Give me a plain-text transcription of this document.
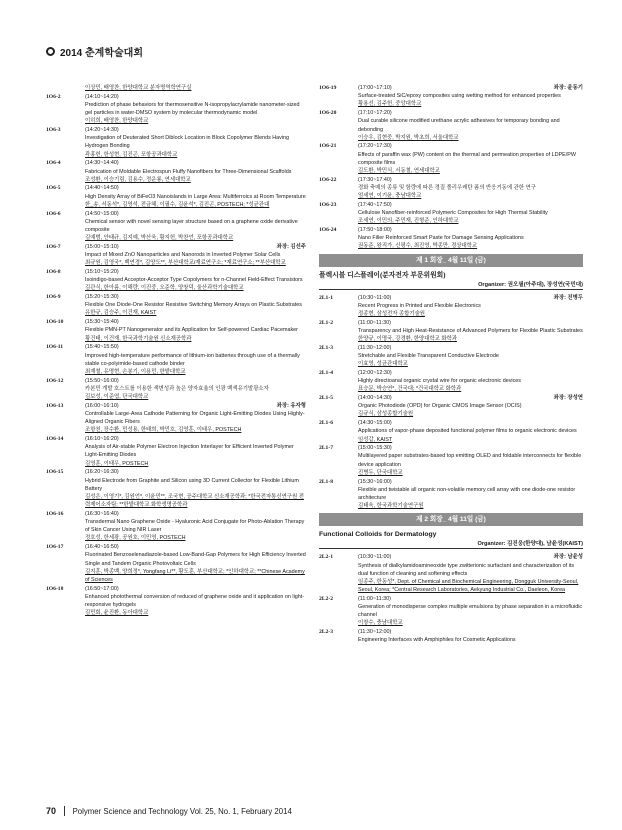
2014 춘계학술대회
이상민, 배영찬, 한양대학교 분자명역학연구실
1O6-2	(14:10~14:20)
Prediction of phase behaviors for thermosensitive N-isopropylacrylamide nanometer-sized gel particles in water-DMSO system by molecular thermodynamic model
이히희, 배영찬, 한양대학교
1O6-3	(14:20~14:30)
Investigation of Deuterated Short Diblock Location in Block Copolymer Blends Having Hydrogen Bonding
곽홍헌, 한성현, 김진곤, 포항공과대학교
1O6-4	(14:30~14:40)
Fabrication of Moldable Electrospun Fluffy Nanofibers for Three-Dimensional Scaffolds
조성환, 이승기림, 김용수, 정운룡, 연세대학교
1O6-5	(14:40~14:50)
High Density Array of BiFeO3 Nanoislands in Large Area: Multiferroics at Room Temperature
한_송, 서동석*, 김영석, 전금혜, 이필수, 김윤석*, 김진곤, POSTECH; *성균관대
1O6-6	(14:50~15:00)
Chemical sensor with novel sensing layer structure based on a graphene oxide derivative composite
김예범, 안태규, 김지예, 박산욱, 황지헌, 박찬언, 포항공과대학교
1O6-7	(15:00~15:10)	좌장: 김선주
Impact of Mixed ZnO Nanoparticles and Nanorods in Inverted Polymer Solar Cells
최규원, 김영국*, 백연경*, 김양도**, 부산대학교/재료연구소; *재료연구소; **부산대학교
1O6-8	(15:10~15:20)
Isoindigo-based Acceptor-Acceptor Type Copolymers for n-Channel Field-Effect Transistors
김관식, 한아름, 이해량, 이진중, 오준학, 양창덕, 울산과학기술대학교
1O6-9	(15:20~15:30)
Flexible One Diode-One Resistor Resistive Switching Memory Arrays on Plastic Substrates
유한규, 김승주, 이건재, KAIST
1O6-10	(15:30~15:40)
Flexible PMN-PT Nanogenerator and its Application for Self-powered Cardiac Pacemaker
황건태, 이건재, 한국과학기술원 신소재공학과
1O6-11	(15:40~15:50)
Improved high-temperature performance of lithium-ion batteries through use of a thermally stable co-polyimide-based cathode binder
최재철, 유명현, 손봉기, 이용민, 한밭대학교
1O6-12	(15:50~16:00)
카본민 개발 호스트를 이용한 색변성과 높은 양자효율의 인광 백색유기발광소자
김보성, 이준엽, 단국대학교
1O6-13	(16:00~16:10)	좌장: 유자형
Controllable Large-Area Cathode Patterning for Organic Light-Emitting Diodes Using Highly-Aligned Organic Fibers
조항천, 장수환, 민성용, 한태희, 박민호, 김영훈, 이태우, POSTECH
1O6-14	(16:10~16:20)
Analysis of Air-stable Polymer Electron Injection Interlayer for Efficient Inverted Polymer Light-Emitting Diodes
김영훈, 이태우, POSTECH
1O6-15	(16:20~16:30)
Hybrid Electrode from Graphite and Silicon using 3D Current Collector for Flexible Lithium Battery
김성은, 이영기*, 김원언*, 이윤민**, 조국현, 공주대학교 신소재공학과; *한국전자통신연구원 전력제어소자팀; **한밭대학교 화학생명공학과
1O6-16	(16:30~16:40)
Transdermal Nano Graphene Oxide - Hyaluronic Acid Conjugate for Photo-Ablation Therapy of Skin Cancer Using NIR Laser
정호성, 한세광, 공원호, 이민영, POSTECH
1O6-17	(16:40~16:50)
Fluorinated Benzoselenadiazole-based Low-Band-Gap Polymers for High Efficiency Inverted Single and Tandem Organic Photovoltaic Cells
김지훈, 박종백, 양희정*, Yongfang Li**, 황도훈, 부산대학교; *인하대학교; **Chinese Academy of Sciences
1O6-18	(16:50~17:00)
Enhanced photothermal conversion of reduced of graphene oxide and it application on light-responsive hydrogels
김민회, 윤진환, 동아대학교
1O6-19	(17:00~17:10)	좌장: 윤동기
Surface-treated SiC/epoxy composites using wetting method for enhanced properties
황용선, 김주헌, 중앙대학교
1O6-20	(17:10~17:20)
Dual curable silicone modified urethane acrylic adhesives for temporary bonding and debonding
이승우, 김현중, 박지원, 박초희, 서울대학교
1O6-21	(17:20~17:30)
Effects of paraffin wax (PW) content on the thermal and permeation properties of LDPE/PW composite films
김도환, 박민식, 서동철, 연세대학교
1O6-22	(17:30~17:40)
경화 축매의 종류 및 함량에 따른 경질 폴리우레탄 폼의 반응거동에 관한 연구
엄세연, 이기윤, 충남대학교
1O6-23	(17:40~17:50)
Cellulose Nanofiber-reinforced Polymeric Composites for High Thermal Stability
조세연, 이민의, 주민재, 진형준, 인하대학교
1O6-24	(17:50~18:00)
Nano Filler Reinforced Smart Paste for Damage Sensing Applications
권동준, 왕직가, 신평수, 최진영, 박종만, 경상대학교
제 1 회장_ 4월 11일 (금)
플렉시블 디스플레이(분자전자 부문위원회)
Organizer: 권오필(아주대), 장성연(국민대)
2L1-1	(10:30~11:00)	좌장: 진병두
Recent Progress in Printed and Flexible Electronics
정종현, 삼성전자 종합기술원
2L1-2	(11:00~11:30)
Transparency and High Heat-Resistance of Advanced Polymers for Flexible Plastic Substrates
한양규, 이명국, 강경환, 한양대학교 화학과
2L1-3	(11:30~12:00)
Stretchable and Flexible Transparent Conductive Electrode
이효영, 성균관대학교
2L1-4	(12:00~12:30)
Highly directioanal organic crystal wire for organic electronic devices
표승문, 박승연*, 건국대; *건국대학교 화학과
2L1-5	(14:00~14:30)	좌장: 장성연
Organic Photodiode (OPD) for Organic CMOS Image Sensor (OCIS)
김규식, 삼성종합기술원
2L1-6	(14:30~15:00)
Applications of vapor-phase deposited functional polymer films to organic electronic devices
임성갑, KAIST
2L1-7	(15:00~15:30)
Multilayered paper substrates-based top emitting OLED and foldable interconnects for flexible device application
진병두, 단국대학교
2L1-8	(15:30~16:00)
Flexible and twistable all organic non-volatile memory cell array with one diode-one resistor architecture
김태욱, 한국과학기술연구원
제 2 회장_ 4월 11일 (금)
Functional Colloids for Dermatology
Organizer: 김진웅(한양대), 남윤성(KAIST)
2L2-1	(10:30~11:00)	좌장: 남윤성
Synthesis of dialkylamidoamineoxide type zwitterionic surfactant and characterization of its dual function of cleaning and softening effects
임종주, 한동성*, Dept. of Chemical and Biochemical Engineering, Dongguk University-Seoul, Seoul, Korea; *Central Research Laboratories, Aekyung Industrial Co., Daeleon, Korea
2L2-2	(11:00~11:30)
Generation of monodisperse complex multiple emulsions by phase separation in a microfluidic channel
이창수, 충남대학교
2L2-3	(11:30~12:00)
Engineering Interfaces with Amphiphiles for Cosmetic Applications
70 Polymer Science and Technology Vol. 25, No. 1, February 2014
